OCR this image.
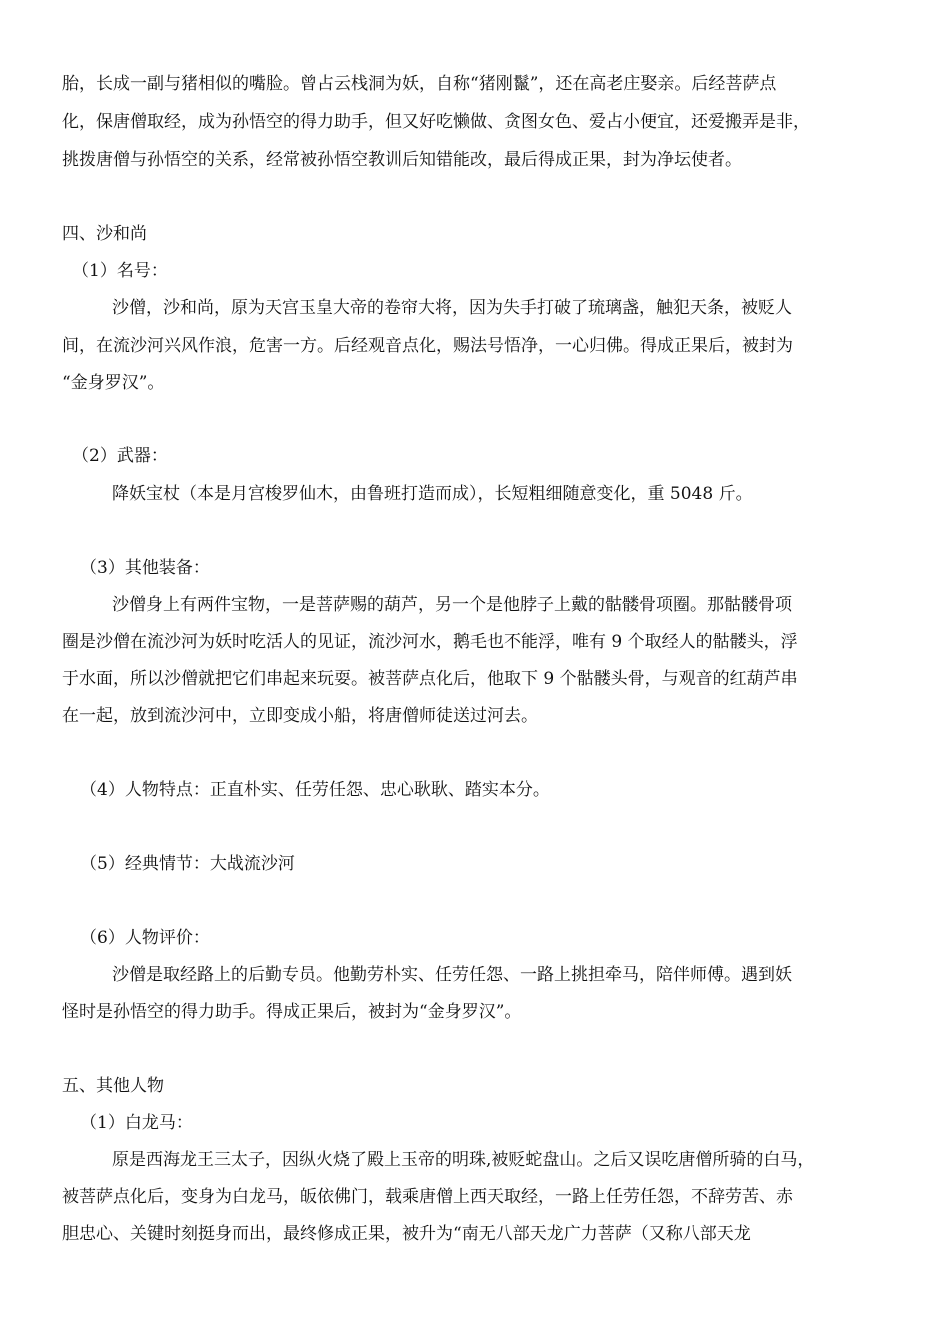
胎，长成一副与猪相似的嘴脸。曾占云栈洞为妖，自称“猪刚鬣”，还在高老庄娶亲。后经菩萨点
化，保唐僧取经，成为孙悟空的得力助手，但又好吃懒做、贪图女色、爱占小便宜，还爱搬弄是非，
挑拨唐僧与孙悟空的关系，经常被孙悟空教训后知错能改，最后得成正果，封为净坛使者。
四、沙和尚
（1）名号：
沙僧，沙和尚，原为天宫玉皇大帝的卷帘大将，因为失手打破了琉璃盏，触犯天条，被贬人
间，在流沙河兴风作浪，危害一方。后经观音点化，赐法号悟净，一心归佛。得成正果后，被封为
“金身罗汉”。
（2）武器：
降妖宝杖（本是月宫梭罗仙木，由鲁班打造而成），长短粗细随意变化，重 5048 斤。
（3）其他装备：
沙僧身上有两件宝物，一是菩萨赐的葫芦，另一个是他脖子上戴的骷髅骨项圈。那骷髅骨项
圈是沙僧在流沙河为妖时吃活人的见证，流沙河水，鹅毛也不能浮，唯有 9 个取经人的骷髅头，浮
于水面，所以沙僧就把它们串起来玩耍。被菩萨点化后，他取下 9 个骷髅头骨，与观音的红葫芦串
在一起，放到流沙河中，立即变成小船，将唐僧师徒送过河去。
（4）人物特点：正直朴实、任劳任怨、忠心耿耿、踏实本分。
（5）经典情节：大战流沙河
（6）人物评价：
沙僧是取经路上的后勤专员。他勤劳朴实、任劳任怨、一路上挑担牵马，陪伴师傅。遇到妖
怪时是孙悟空的得力助手。得成正果后，被封为“金身罗汉”。
五、其他人物
（1）白龙马：
原是西海龙王三太子，因纵火烧了殿上玉帝的明珠,被贬蛇盘山。之后又误吃唐僧所骑的白马，
被菩萨点化后，变身为白龙马，皈依佛门，载乘唐僧上西天取经，一路上任劳任怨，不辞劳苦、赤
胆忠心、关键时刻挺身而出，最终修成正果，被升为“南无八部天龙广力菩萨（又称八部天龙
